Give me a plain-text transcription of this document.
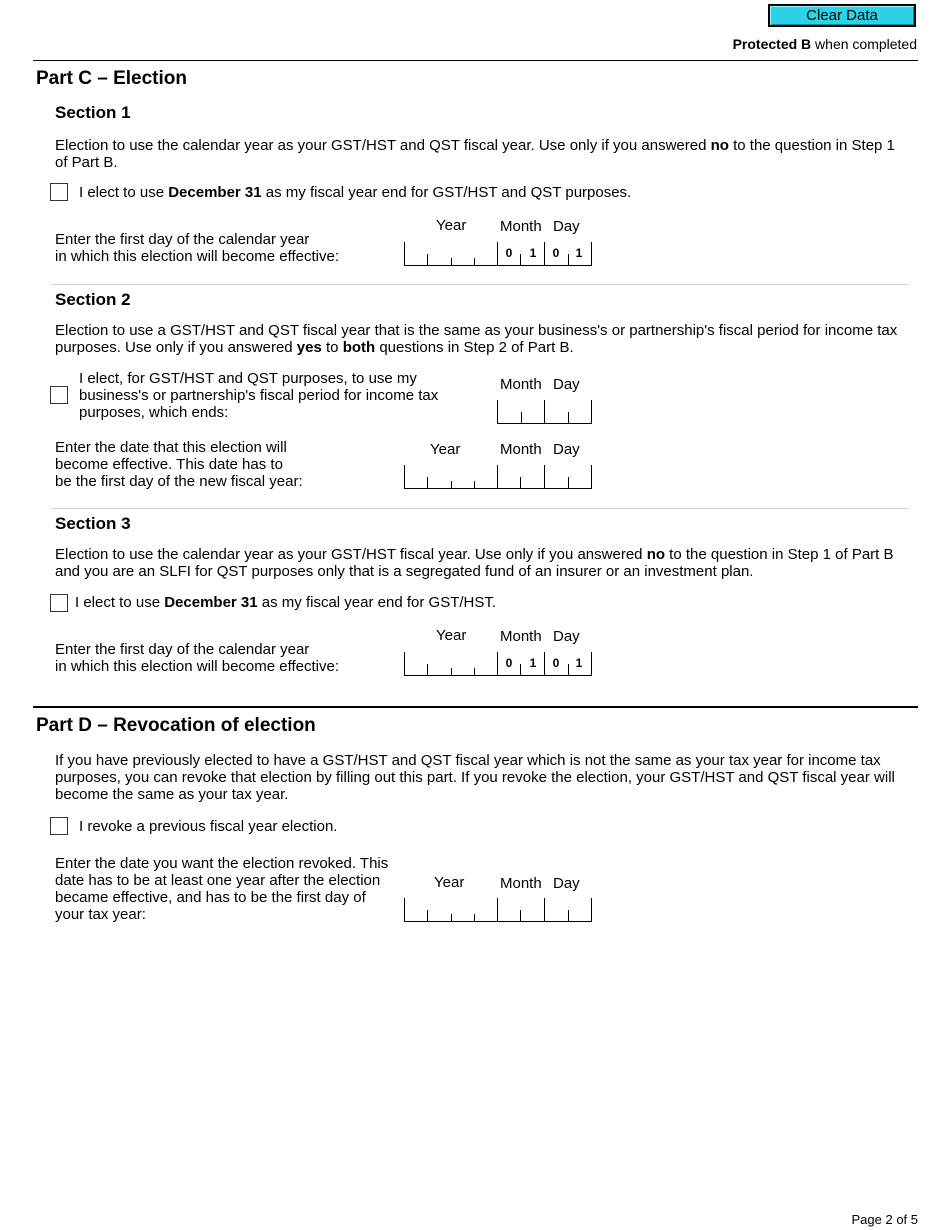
Clear Data
Protected B when completed
Part C – Election
Section 1
Election to use the calendar year as your GST/HST and QST fiscal year. Use only if you answered no to the question in Step 1 of Part B.
I elect to use December 31 as my fiscal year end for GST/HST and QST purposes.
Year Month Day
Enter the first day of the calendar year
in which this election will become effective:	0 1 0 1
Section 2
Election to use a GST/HST and QST fiscal year that is the same as your business's or partnership's fiscal period for income tax purposes. Use only if you answered yes to both questions in Step 2 of Part B.
I elect, for GST/HST and QST purposes, to use my
business's or partnership's fiscal period for income tax
purposes, which ends:
Month Day
Year	Month Day
Enter the date that this election will
become effective. This date has to
be the first day of the new fiscal year:
Section 3
Election to use the calendar year as your GST/HST fiscal year. Use only if you answered no to the question in Step 1 of Part B and you are an SLFI for QST purposes only that is a segregated fund of an insurer or an investment plan.
I elect to use December 31 as my fiscal year end for GST/HST.
Year Month Day
Enter the first day of the calendar year
in which this election will become effective:	0 1 0 1
Part D – Revocation of election
If you have previously elected to have a GST/HST and QST fiscal year which is not the same as your tax year for income tax purposes, you can revoke that election by filling out this part. If you revoke the election, your GST/HST and QST fiscal year will become the same as your tax year.
I revoke a previous fiscal year election.
Enter the date you want the election revoked. This
date has to be at least one year after the election
became effective, and has to be the first day of
your tax year:
Year Month Day
Page 2 of 5
